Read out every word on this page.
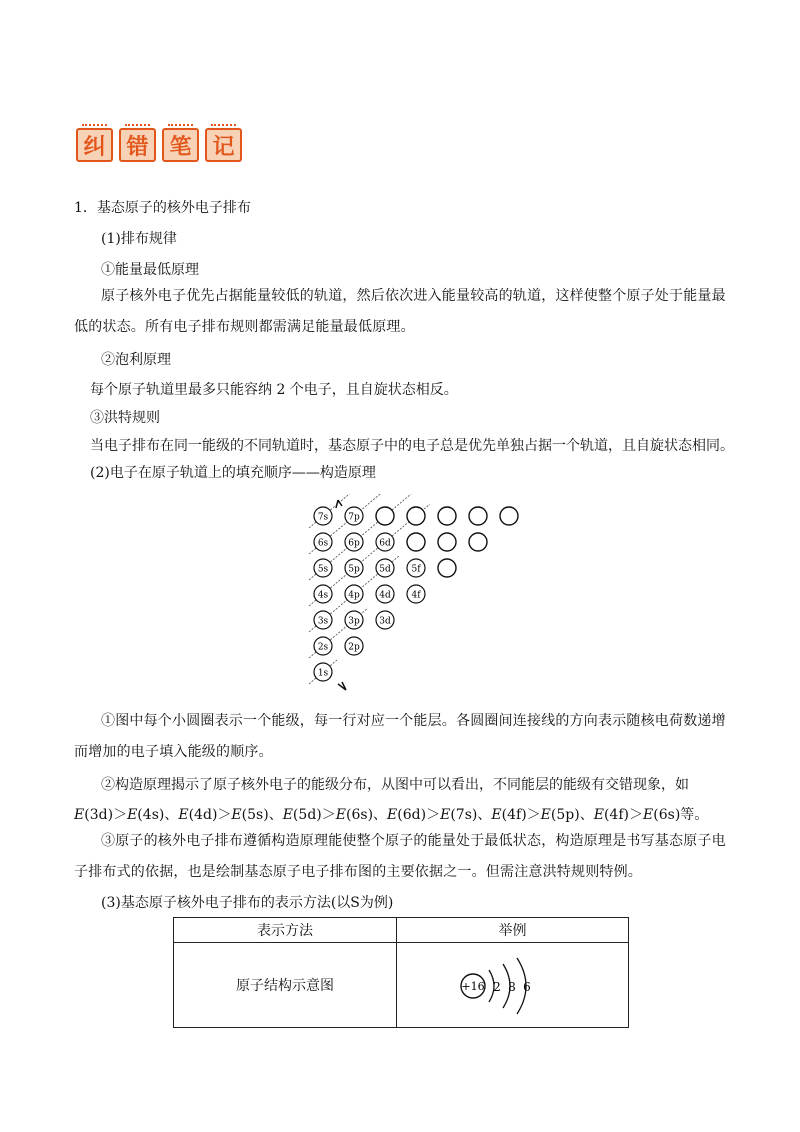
纠 错 笔 记
1．基态原子的核外电子排布
(1)排布规律
①能量最低原理
原子核外电子优先占据能量较低的轨道，然后依次进入能量较高的轨道，这样使整个原子处于能量最低的状态。所有电子排布规则都需满足能量最低原理。
②泡利原理
每个原子轨道里最多只能容纳 2 个电子，且自旋状态相反。
③洪特规则
当电子排布在同一能级的不同轨道时，基态原子中的电子总是优先单独占据一个轨道，且自旋状态相同。
(2)电子在原子轨道上的填充顺序——构造原理
7s 7p
6s 6p 6d
5s 5p 5d 5f
4s 4p 4d 4f
3s 3p 3d
2s 2p
1s
①图中每个小圆圈表示一个能级，每一行对应一个能层。各圆圈间连接线的方向表示随核电荷数递增而增加的电子填入能级的顺序。
②构造原理揭示了原子核外电子的能级分布，从图中可以看出，不同能层的能级有交错现象，如
E(3d)＞E(4s)、E(4d)＞E(5s)、E(5d)＞E(6s)、E(6d)＞E(7s)、E(4f)＞E(5p)、E(4f)＞E(6s)等。
③原子的核外电子排布遵循构造原理能使整个原子的能量处于最低状态，构造原理是书写基态原子电子排布式的依据，也是绘制基态原子电子排布图的主要依据之一。但需注意洪特规则特例。
(3)基态原子核外电子排布的表示方法(以S为例)
表示方法	举例
原子结构示意图	+16 2 8 6
